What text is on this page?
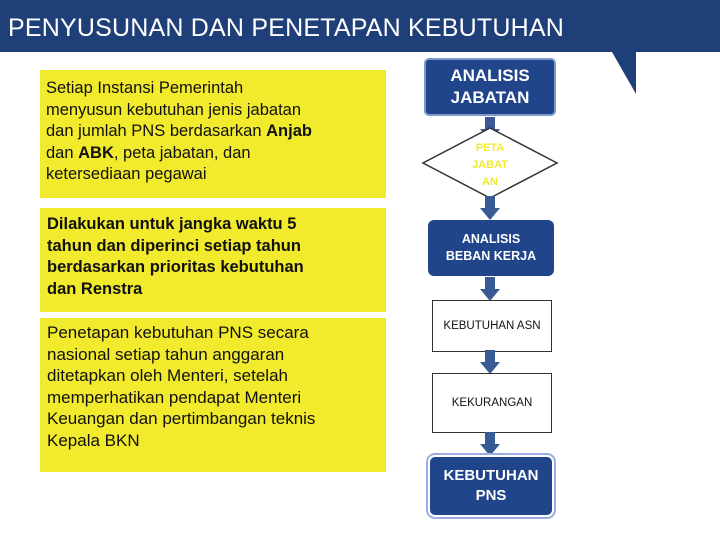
PENYUSUNAN DAN PENETAPAN KEBUTUHAN
Setiap Instansi Pemerintah
menyusun kebutuhan jenis jabatan
dan jumlah PNS berdasarkan Anjab
dan ABK, peta jabatan, dan
ketersediaan pegawai
Dilakukan untuk jangka waktu 5
tahun dan diperinci setiap tahun
berdasarkan prioritas kebutuhan
dan Renstra
Penetapan kebutuhan PNS secara
nasional setiap tahun anggaran
ditetapkan oleh Menteri, setelah
memperhatikan pendapat Menteri
Keuangan dan pertimbangan teknis
Kepala BKN
ANALISIS
JABATAN
PETA
JABAT
AN
ANALISIS
BEBAN KERJA
KEBUTUHAN ASN
KEKURANGAN
KEBUTUHAN
PNS
